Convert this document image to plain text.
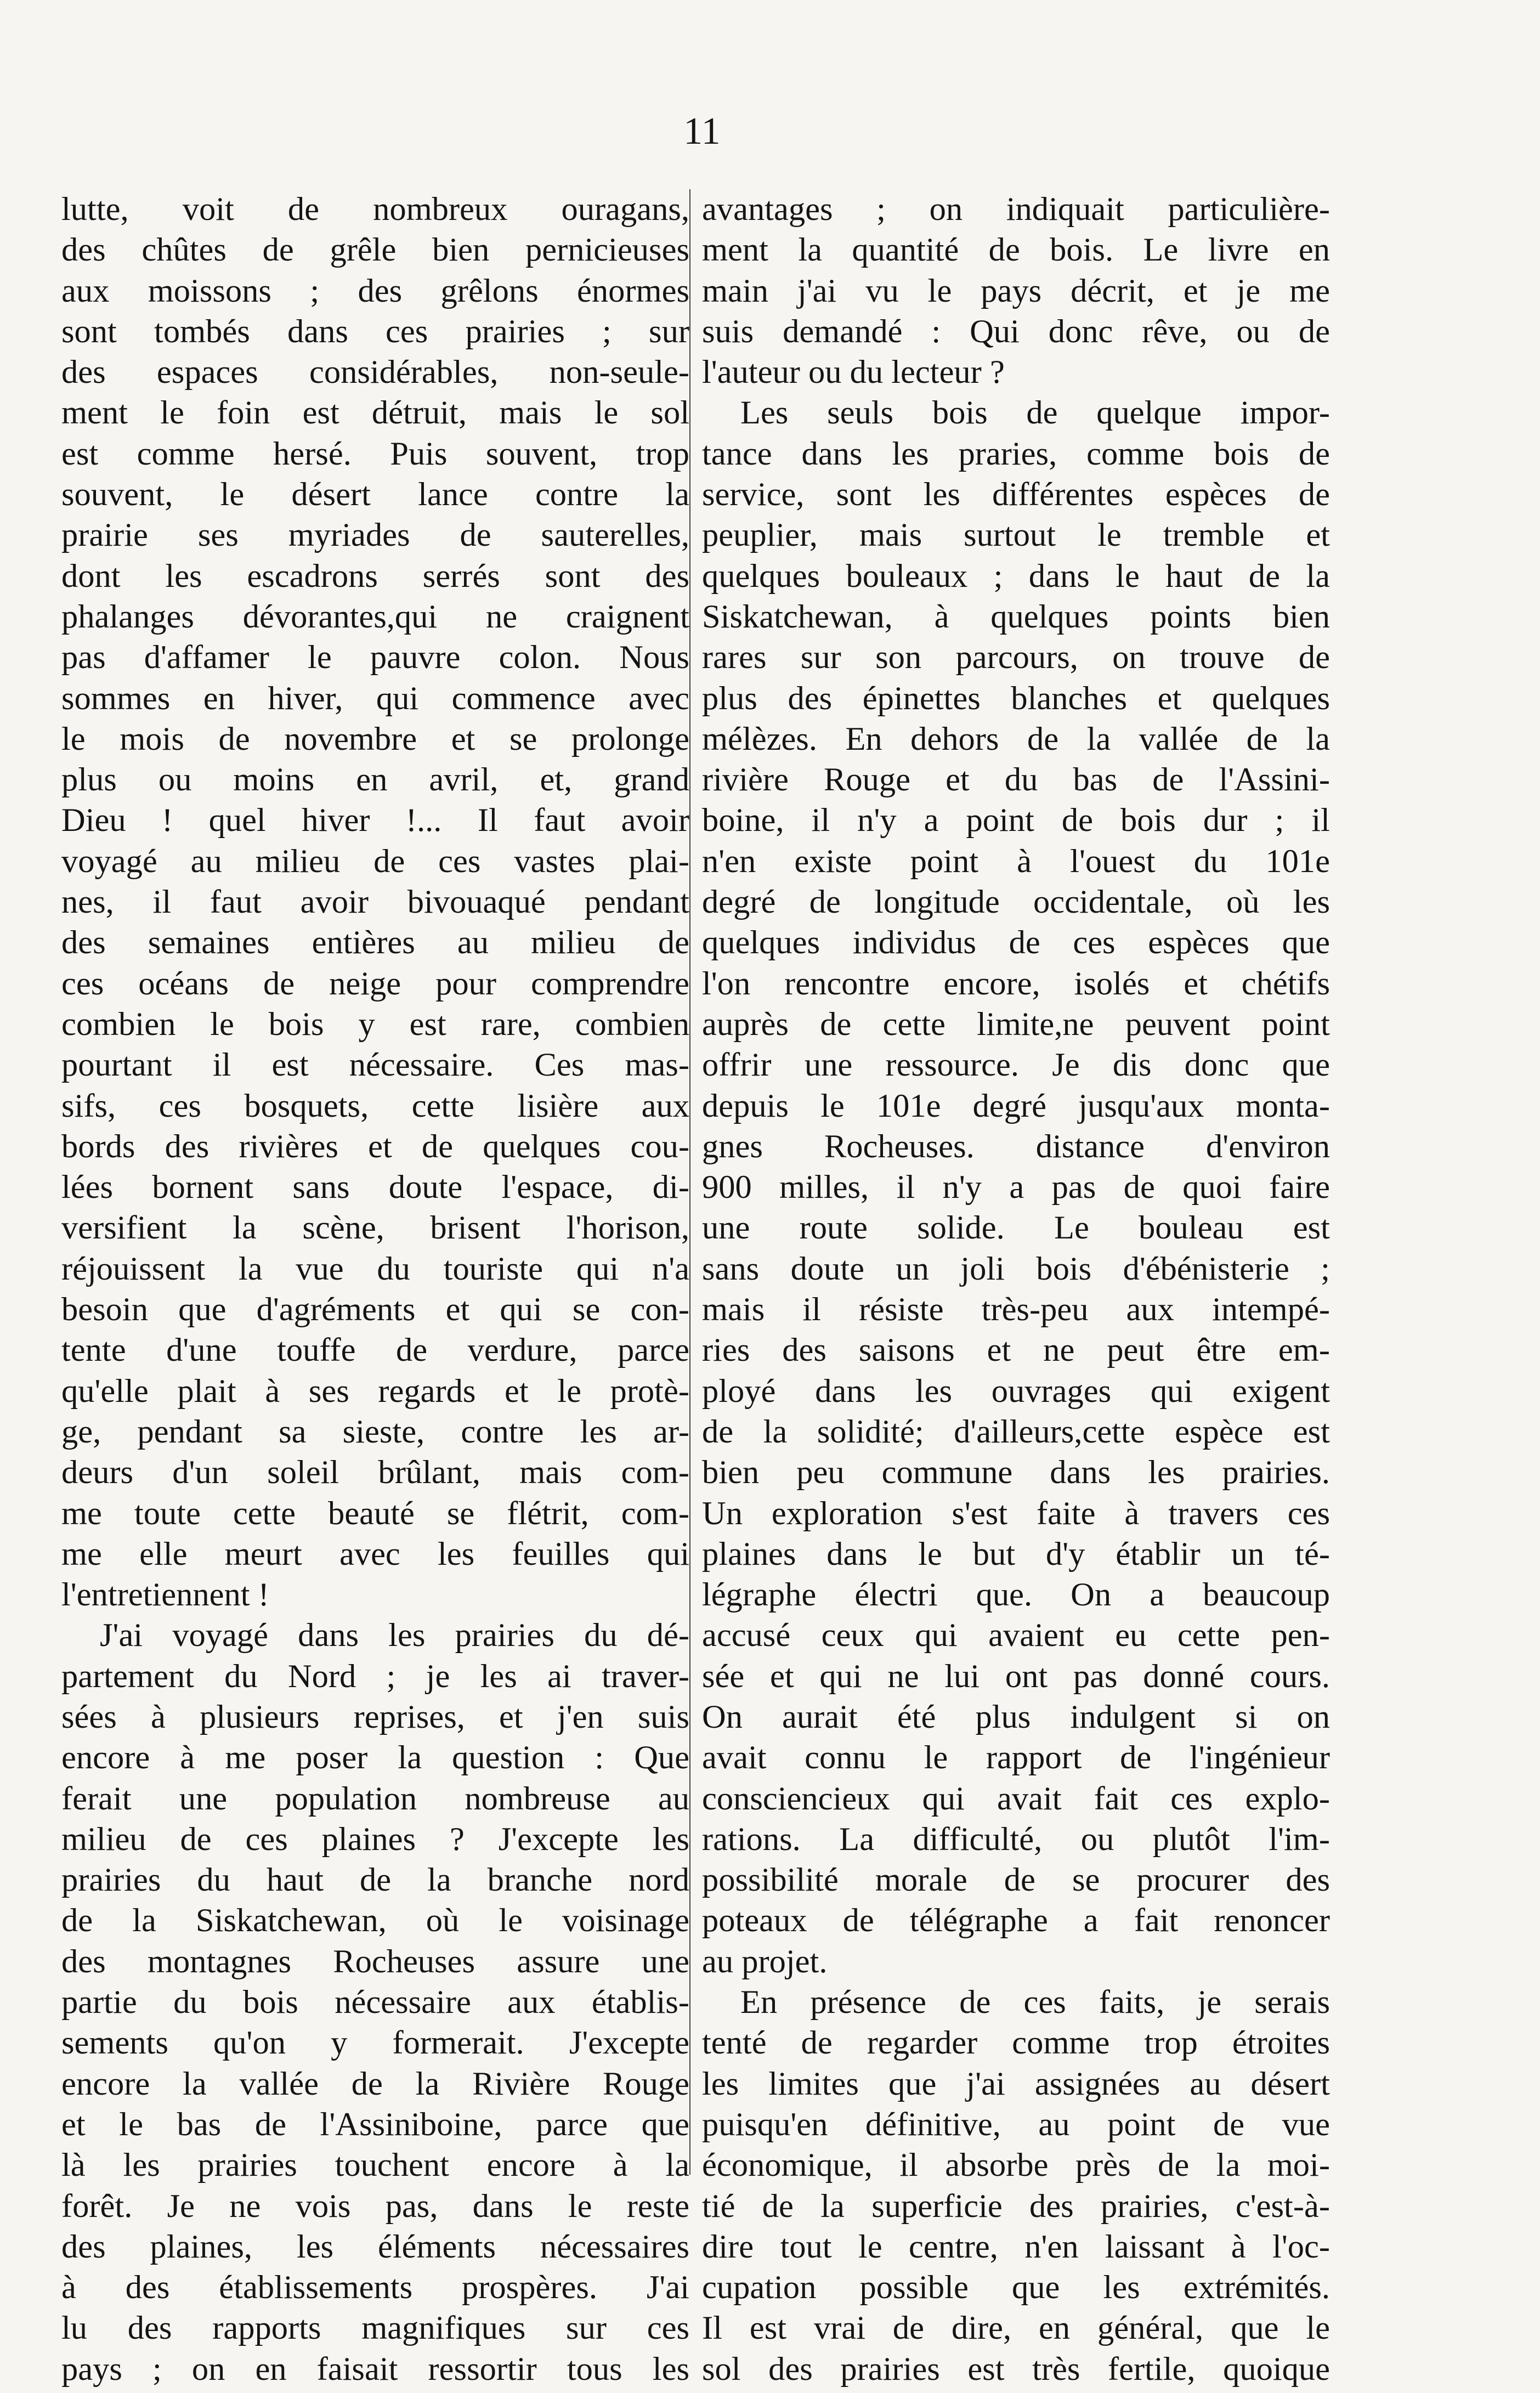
11
lutte, voit de nombreux ouragans,
des chûtes de grêle bien pernicieuses
aux moissons ; des grêlons énormes
sont tombés dans ces prairies ; sur
des espaces considérables, non-seule-
ment le foin est détruit, mais le sol
est comme hersé. Puis souvent, trop
souvent, le désert lance contre la
prairie ses myriades de sauterelles,
dont les escadrons serrés sont des
phalanges dévorantes,qui ne craignent
pas d'affamer le pauvre colon. Nous
sommes en hiver, qui commence avec
le mois de novembre et se prolonge
plus ou moins en avril, et, grand
Dieu ! quel hiver !... Il faut avoir
voyagé au milieu de ces vastes plai-
nes, il faut avoir bivouaqué pendant
des semaines entières au milieu de
ces océans de neige pour comprendre
combien le bois y est rare, combien
pourtant il est nécessaire. Ces mas-
sifs, ces bosquets, cette lisière aux
bords des rivières et de quelques cou-
lées bornent sans doute l'espace, di-
versifient la scène, brisent l'horison,
réjouissent la vue du touriste qui n'a
besoin que d'agréments et qui se con-
tente d'une touffe de verdure, parce
qu'elle plait à ses regards et le protè-
ge, pendant sa sieste, contre les ar-
deurs d'un soleil brûlant, mais com-
me toute cette beauté se flétrit, com-
me elle meurt avec les feuilles qui
l'entretiennent !
J'ai voyagé dans les prairies du dé-
partement du Nord ; je les ai traver-
sées à plusieurs reprises, et j'en suis
encore à me poser la question : Que
ferait une population nombreuse au
milieu de ces plaines ? J'excepte les
prairies du haut de la branche nord
de la Siskatchewan, où le voisinage
des montagnes Rocheuses assure une
partie du bois nécessaire aux établis-
sements qu'on y formerait. J'excepte
encore la vallée de la Rivière Rouge
et le bas de l'Assiniboine, parce que
là les prairies touchent encore à la
forêt. Je ne vois pas, dans le reste
des plaines, les éléments nécessaires
à des établissements prospères. J'ai
lu des rapports magnifiques sur ces
pays ; on en faisait ressortir tous les
avantages ; on indiquait particulière-
ment la quantité de bois. Le livre en
main j'ai vu le pays décrit, et je me
suis demandé : Qui donc rêve, ou de
l'auteur ou du lecteur ?
Les seuls bois de quelque impor-
tance dans les praries, comme bois de
service, sont les différentes espèces de
peuplier, mais surtout le tremble et
quelques bouleaux ; dans le haut de la
Siskatchewan, à quelques points bien
rares sur son parcours, on trouve de
plus des épinettes blanches et quelques
mélèzes. En dehors de la vallée de la
rivière Rouge et du bas de l'Assini-
boine, il n'y a point de bois dur ; il
n'en existe point à l'ouest du 101e
degré de longitude occidentale, où les
quelques individus de ces espèces que
l'on rencontre encore, isolés et chétifs
auprès de cette limite,ne peuvent point
offrir une ressource. Je dis donc que
depuis le 101e degré jusqu'aux monta-
gnes Rocheuses. distance d'environ
900 milles, il n'y a pas de quoi faire
une route solide. Le bouleau est
sans doute un joli bois d'ébénisterie ;
mais il résiste très-peu aux intempé-
ries des saisons et ne peut être em-
ployé dans les ouvrages qui exigent
de la solidité; d'ailleurs,cette espèce est
bien peu commune dans les prairies.
Un exploration s'est faite à travers ces
plaines dans le but d'y établir un té-
légraphe électri que. On a beaucoup
accusé ceux qui avaient eu cette pen-
sée et qui ne lui ont pas donné cours.
On aurait été plus indulgent si on
avait connu le rapport de l'ingénieur
consciencieux qui avait fait ces explo-
rations. La difficulté, ou plutôt l'im-
possibilité morale de se procurer des
poteaux de télégraphe a fait renoncer
au projet.
En présence de ces faits, je serais
tenté de regarder comme trop étroites
les limites que j'ai assignées au désert
puisqu'en définitive, au point de vue
économique, il absorbe près de la moi-
tié de la superficie des prairies, c'est-à-
dire tout le centre, n'en laissant à l'oc-
cupation possible que les extrémités.
Il est vrai de dire, en général, que le
sol des prairies est très fertile, quoique
